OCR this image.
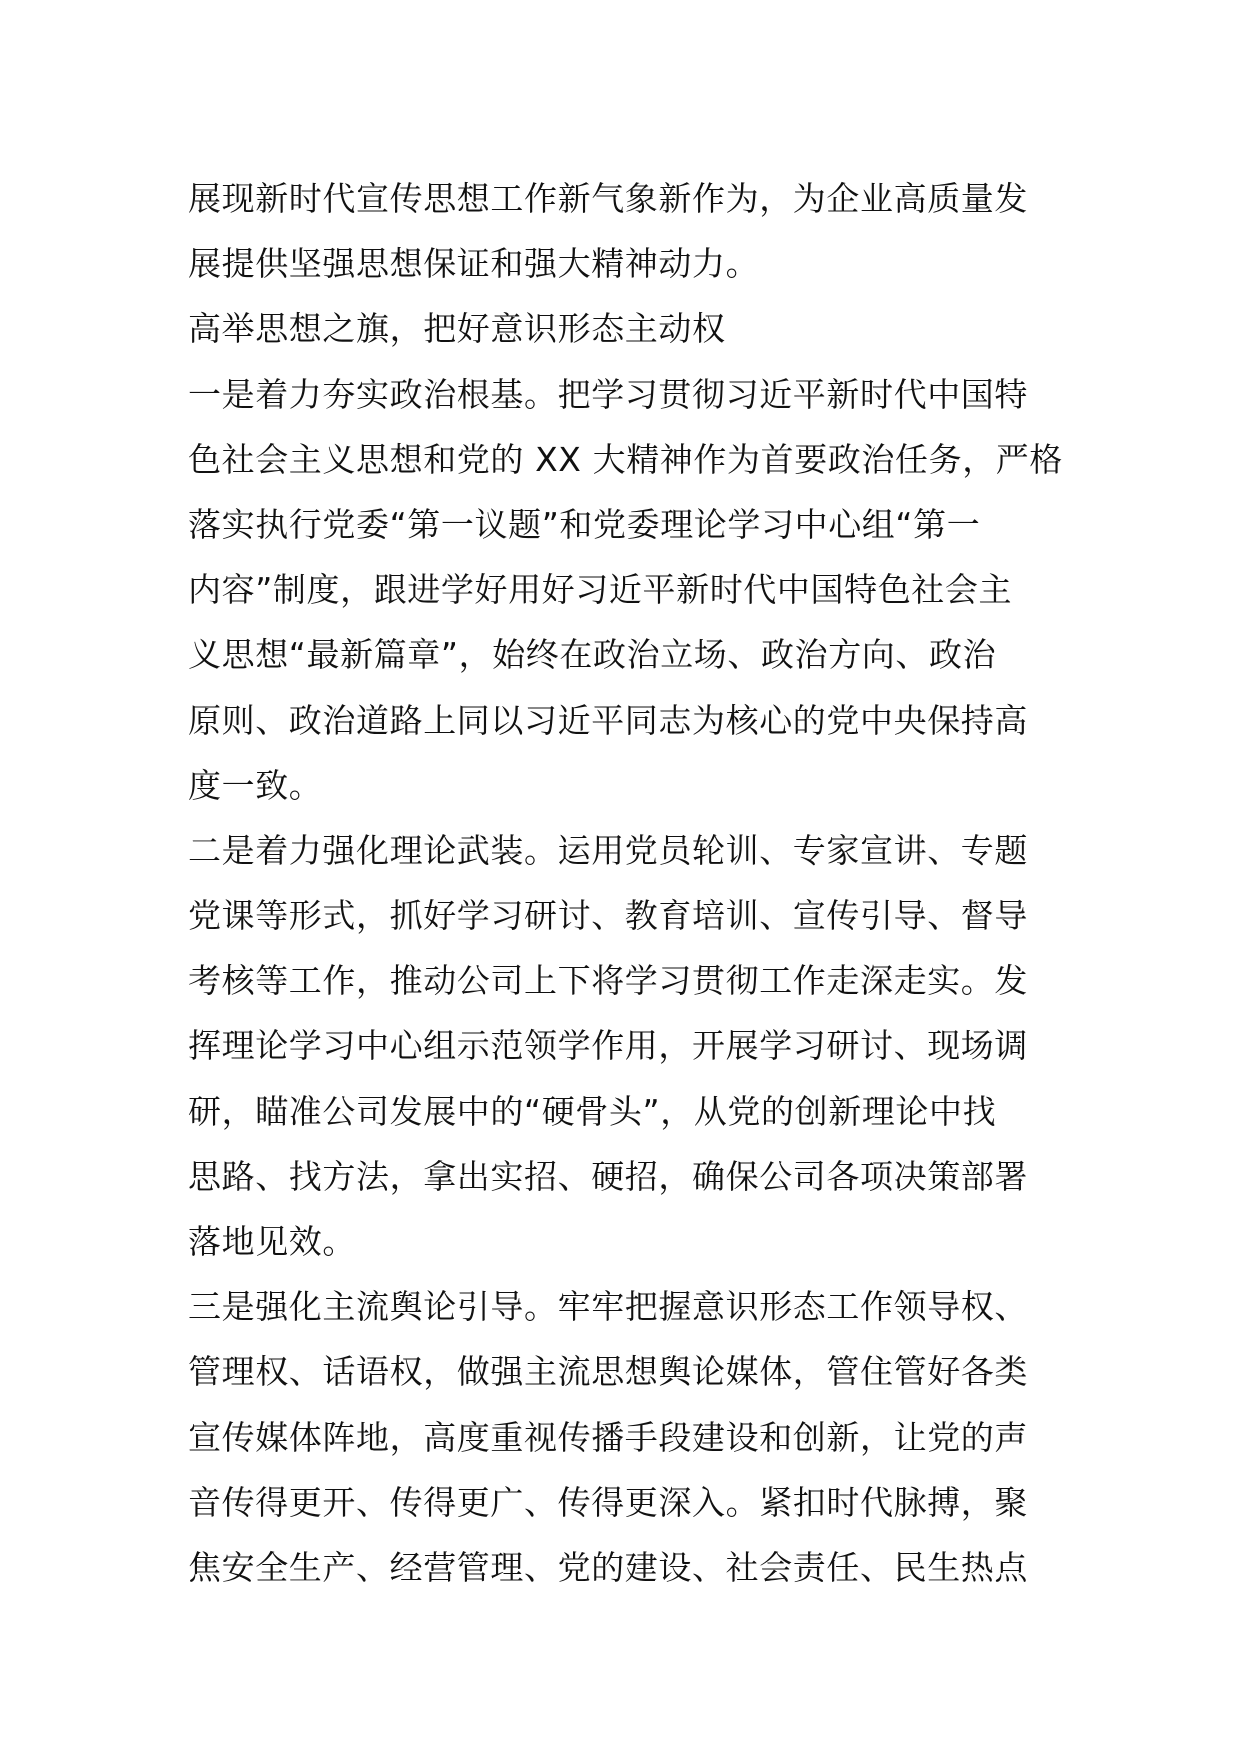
展现新时代宣传思想工作新气象新作为，为企业高质量发
展提供坚强思想保证和强大精神动力。
高举思想之旗，把好意识形态主动权
一是着力夯实政治根基。把学习贯彻习近平新时代中国特
色社会主义思想和党的 XX 大精神作为首要政治任务，严格
落实执行党委“第一议题”和党委理论学习中心组“第一
内容”制度，跟进学好用好习近平新时代中国特色社会主
义思想“最新篇章”，始终在政治立场、政治方向、政治
原则、政治道路上同以习近平同志为核心的党中央保持高
度一致。
二是着力强化理论武装。运用党员轮训、专家宣讲、专题
党课等形式，抓好学习研讨、教育培训、宣传引导、督导
考核等工作，推动公司上下将学习贯彻工作走深走实。发
挥理论学习中心组示范领学作用，开展学习研讨、现场调
研，瞄准公司发展中的“硬骨头”，从党的创新理论中找
思路、找方法，拿出实招、硬招，确保公司各项决策部署
落地见效。
三是强化主流舆论引导。牢牢把握意识形态工作领导权、
管理权、话语权，做强主流思想舆论媒体，管住管好各类
宣传媒体阵地，高度重视传播手段建设和创新，让党的声
音传得更开、传得更广、传得更深入。紧扣时代脉搏，聚
焦安全生产、经营管理、党的建设、社会责任、民生热点
